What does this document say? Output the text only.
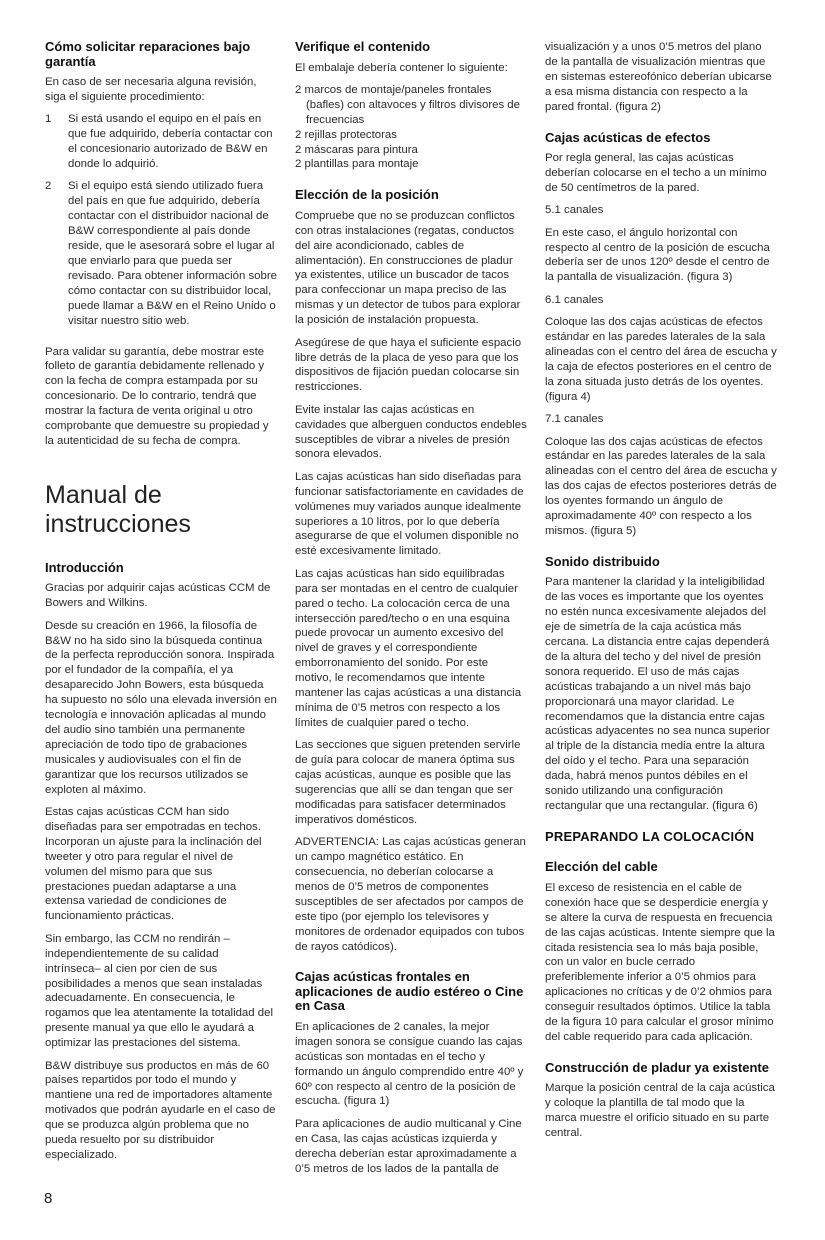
Cómo solicitar reparaciones bajo garantía

En caso de ser necesaria alguna revisión, siga el siguiente procedimiento:

1 Si está usando el equipo en el país en que fue adquirido, debería contactar con el concesionario autorizado de B&W en donde lo adquirió.
2 Si el equipo está siendo utilizado fuera del país en que fue adquirido, debería contactar con el distribuidor nacional de B&W correspondiente al país donde reside, que le asesorará sobre el lugar al que enviarlo para que pueda ser revisado. Para obtener información sobre cómo contactar con su distribuidor local, puede llamar a B&W en el Reino Unido o visitar nuestro sitio web.

Para validar su garantía, debe mostrar este folleto de garantía debidamente rellenado y con la fecha de compra estampada por su concesionario. De lo contrario, tendrá que mostrar la factura de venta original u otro comprobante que demuestre su propiedad y la autenticidad de su fecha de compra.

Manual de instrucciones
Introducción

Gracias por adquirir cajas acústicas CCM de Bowers and Wilkins.

Desde su creación en 1966, la filosofía de B&W no ha sido sino la búsqueda continua de la perfecta reproducción sonora. Inspirada por el fundador de la compañía, el ya desaparecido John Bowers, esta búsqueda ha supuesto no sólo una elevada inversión en tecnología e innovación aplicadas al mundo del audio sino también una permanente apreciación de todo tipo de grabaciones musicales y audiovisuales con el fin de garantizar que los recursos utilizados se exploten al máximo.

Estas cajas acústicas CCM han sido diseñadas para ser empotradas en techos. Incorporan un ajuste para la inclinación del tweeter y otro para regular el nivel de volumen del mismo para que sus prestaciones puedan adaptarse a una extensa variedad de condiciones de funcionamiento prácticas.

Sin embargo, las CCM no rendirán –independientemente de su calidad intrínseca– al cien por cien de sus posibilidades a menos que sean instaladas adecuadamente. En consecuencia, le rogamos que lea atentamente la totalidad del presente manual ya que ello le ayudará a optimizar las prestaciones del sistema.

B&W distribuye sus productos en más de 60 países repartidos por todo el mundo y mantiene una red de importadores altamente motivados que podrán ayudarle en el caso de que se produzca algún problema que no pueda resuelto por su distribuidor especializado.

Verifique el contenido

El embalaje debería contener lo siguiente:

2 marcos de montaje/paneles frontales (bafles) con altavoces y filtros divisores de frecuencias
2 rejillas protectoras
2 máscaras para pintura
2 plantillas para montaje
Elección de la posición

Compruebe que no se produzcan conflictos con otras instalaciones (regatas, conductos del aire acondicionado, cables de alimentación). En construcciones de pladur ya existentes, utilice un buscador de tacos para confeccionar un mapa preciso de las mismas y un detector de tubos para explorar la posición de instalación propuesta.

Asegúrese de que haya el suficiente espacio libre detrás de la placa de yeso para que los dispositivos de fijación puedan colocarse sin restricciones.

Evite instalar las cajas acústicas en cavidades que alberguen conductos endebles susceptibles de vibrar a niveles de presión sonora elevados.

Las cajas acústicas han sido diseñadas para funcionar satisfactoriamente en cavidades de volúmenes muy variados aunque idealmente superiores a 10 litros, por lo que debería asegurarse de que el volumen disponible no esté excesivamente limitado.

Las cajas acústicas han sido equilibradas para ser montadas en el centro de cualquier pared o techo. La colocación cerca de una intersección pared/techo o en una esquina puede provocar un aumento excesivo del nivel de graves y el correspondiente emborronamiento del sonido. Por este motivo, le recomendamos que intente mantener las cajas acústicas a una distancia mínima de 0’5 metros con respecto a los límites de cualquier pared o techo.

Las secciones que siguen pretenden servirle de guía para colocar de manera óptima sus cajas acústicas, aunque es posible que las sugerencias que allí se dan tengan que ser modificadas para satisfacer determinados imperativos domésticos.

ADVERTENCIA: Las cajas acústicas generan un campo magnético estático. En consecuencia, no deberían colocarse a menos de 0’5 metros de componentes susceptibles de ser afectados por campos de este tipo (por ejemplo los televisores y monitores de ordenador equipados con tubos de rayos catódicos).

Cajas acústicas frontales en aplicaciones de audio estéreo o Cine en Casa

En aplicaciones de 2 canales, la mejor imagen sonora se consigue cuando las cajas acústicas son montadas en el techo y formando un ángulo comprendido entre 40º y 60º con respecto al centro de la posición de escucha. (figura 1)

Para aplicaciones de audio multicanal y Cine en Casa, las cajas acústicas izquierda y derecha deberían estar aproximadamente a 0’5 metros de los lados de la pantalla de

visualización y a unos 0’5 metros del plano de la pantalla de visualización mientras que en sistemas estereofónico deberían ubicarse a esa misma distancia con respecto a la pared frontal. (figura 2)

Cajas acústicas de efectos

Por regla general, las cajas acústicas deberían colocarse en el techo a un mínimo de 50 centímetros de la pared.

5.1 canales

En este caso, el ángulo horizontal con respecto al centro de la posición de escucha debería ser de unos 120º desde el centro de la pantalla de visualización. (figura 3)

6.1 canales

Coloque las dos cajas acústicas de efectos estándar en las paredes laterales de la sala alineadas con el centro del área de escucha y la caja de efectos posteriores en el centro de la zona situada justo detrás de los oyentes. (figura 4)

7.1 canales

Coloque las dos cajas acústicas de efectos estándar en las paredes laterales de la sala alineadas con el centro del área de escucha y las dos cajas de efectos posteriores detrás de los oyentes formando un ángulo de aproximadamente 40º con respecto a los mismos. (figura 5)

Sonido distribuido

Para mantener la claridad y la inteligibilidad de las voces es importante que los oyentes no estén nunca excesivamente alejados del eje de simetría de la caja acústica más cercana. La distancia entre cajas dependerá de la altura del techo y del nivel de presión sonora requerido. El uso de más cajas acústicas trabajando a un nivel más bajo proporcionará una mayor claridad. Le recomendamos que la distancia entre cajas acústicas adyacentes no sea nunca superior al triple de la distancia media entre la altura del oído y el techo. Para una separación dada, habrá menos puntos débiles en el sonido utilizando una configuración rectangular que una rectangular. (figura 6)

PREPARANDO LA COLOCACIÓN
Elección del cable

El exceso de resistencia en el cable de conexión hace que se desperdicie energía y se altere la curva de respuesta en frecuencia de las cajas acústicas. Intente siempre que la citada resistencia sea lo más baja posible, con un valor en bucle cerrado preferiblemente inferior a 0’5 ohmios para aplicaciones no críticas y de 0’2 ohmios para conseguir resultados óptimos. Utilice la tabla de la figura 10 para calcular el grosor mínimo del cable requerido para cada aplicación.

Construcción de pladur ya existente

Marque la posición central de la caja acústica y coloque la plantilla de tal modo que la marca muestre el orificio situado en su parte central.

8
